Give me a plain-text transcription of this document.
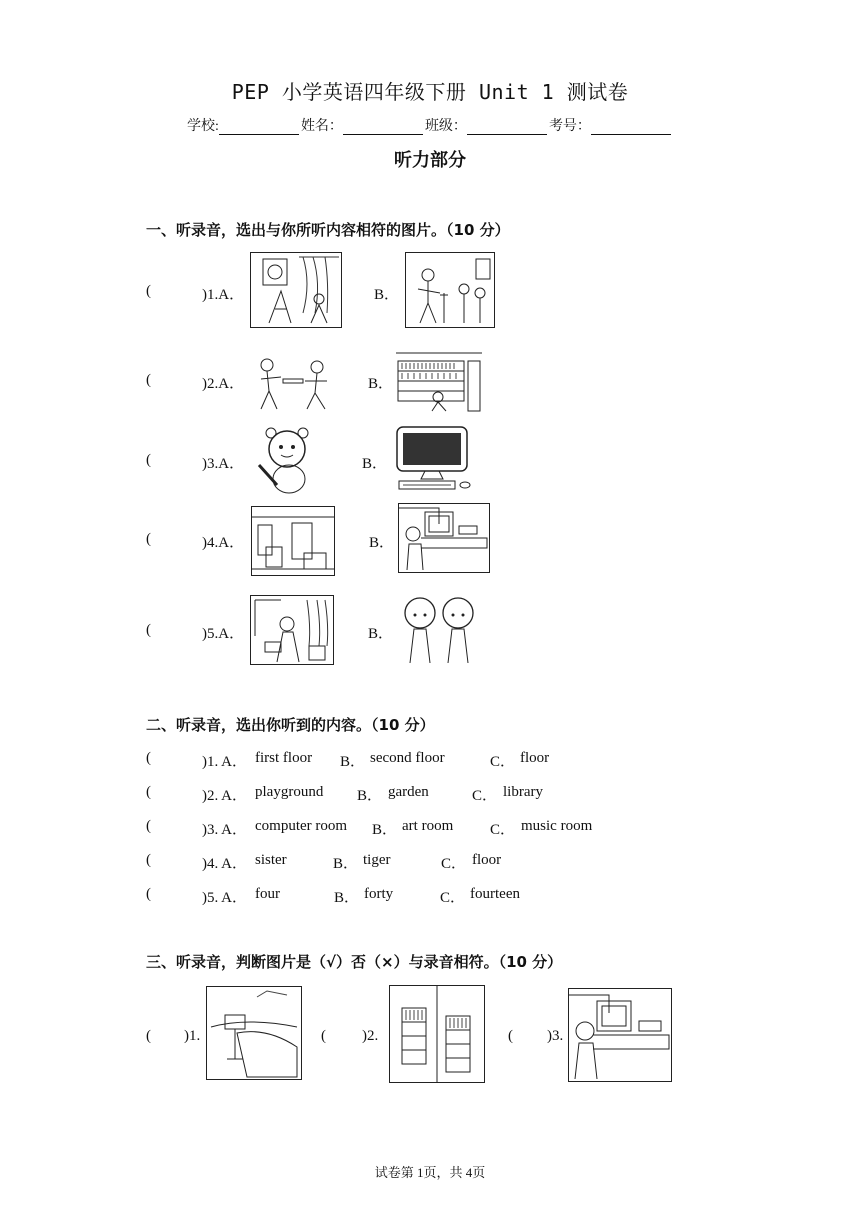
PEP 小学英语四年级下册 Unit 1 测试卷
学校:	姓名：	班级：	考号：
听力部分
一、听录音，选出与你所听内容相符的图片。（10 分）
(	)1.A．	B．
(	)2.A．	B．
(	)3.A．	B．
(	)4.A．	B．
(	)5.A．	B．
二、听录音，选出你听到的内容。（10 分）
(	)1. A． first floor B． second floor	C． floor
(	)2. A． playground B． garden	C． library
(	)3. A． computer room B． art room C． music room
(	)4. A． sister	B． tiger	C． floor
(	)5. A． four	B． forty	C． fourteen
三、听录音，判断图片是（√）否（×）与录音相符。（10 分）
( )1.	( )2.	( )3.
试卷第 1页，共 4页
